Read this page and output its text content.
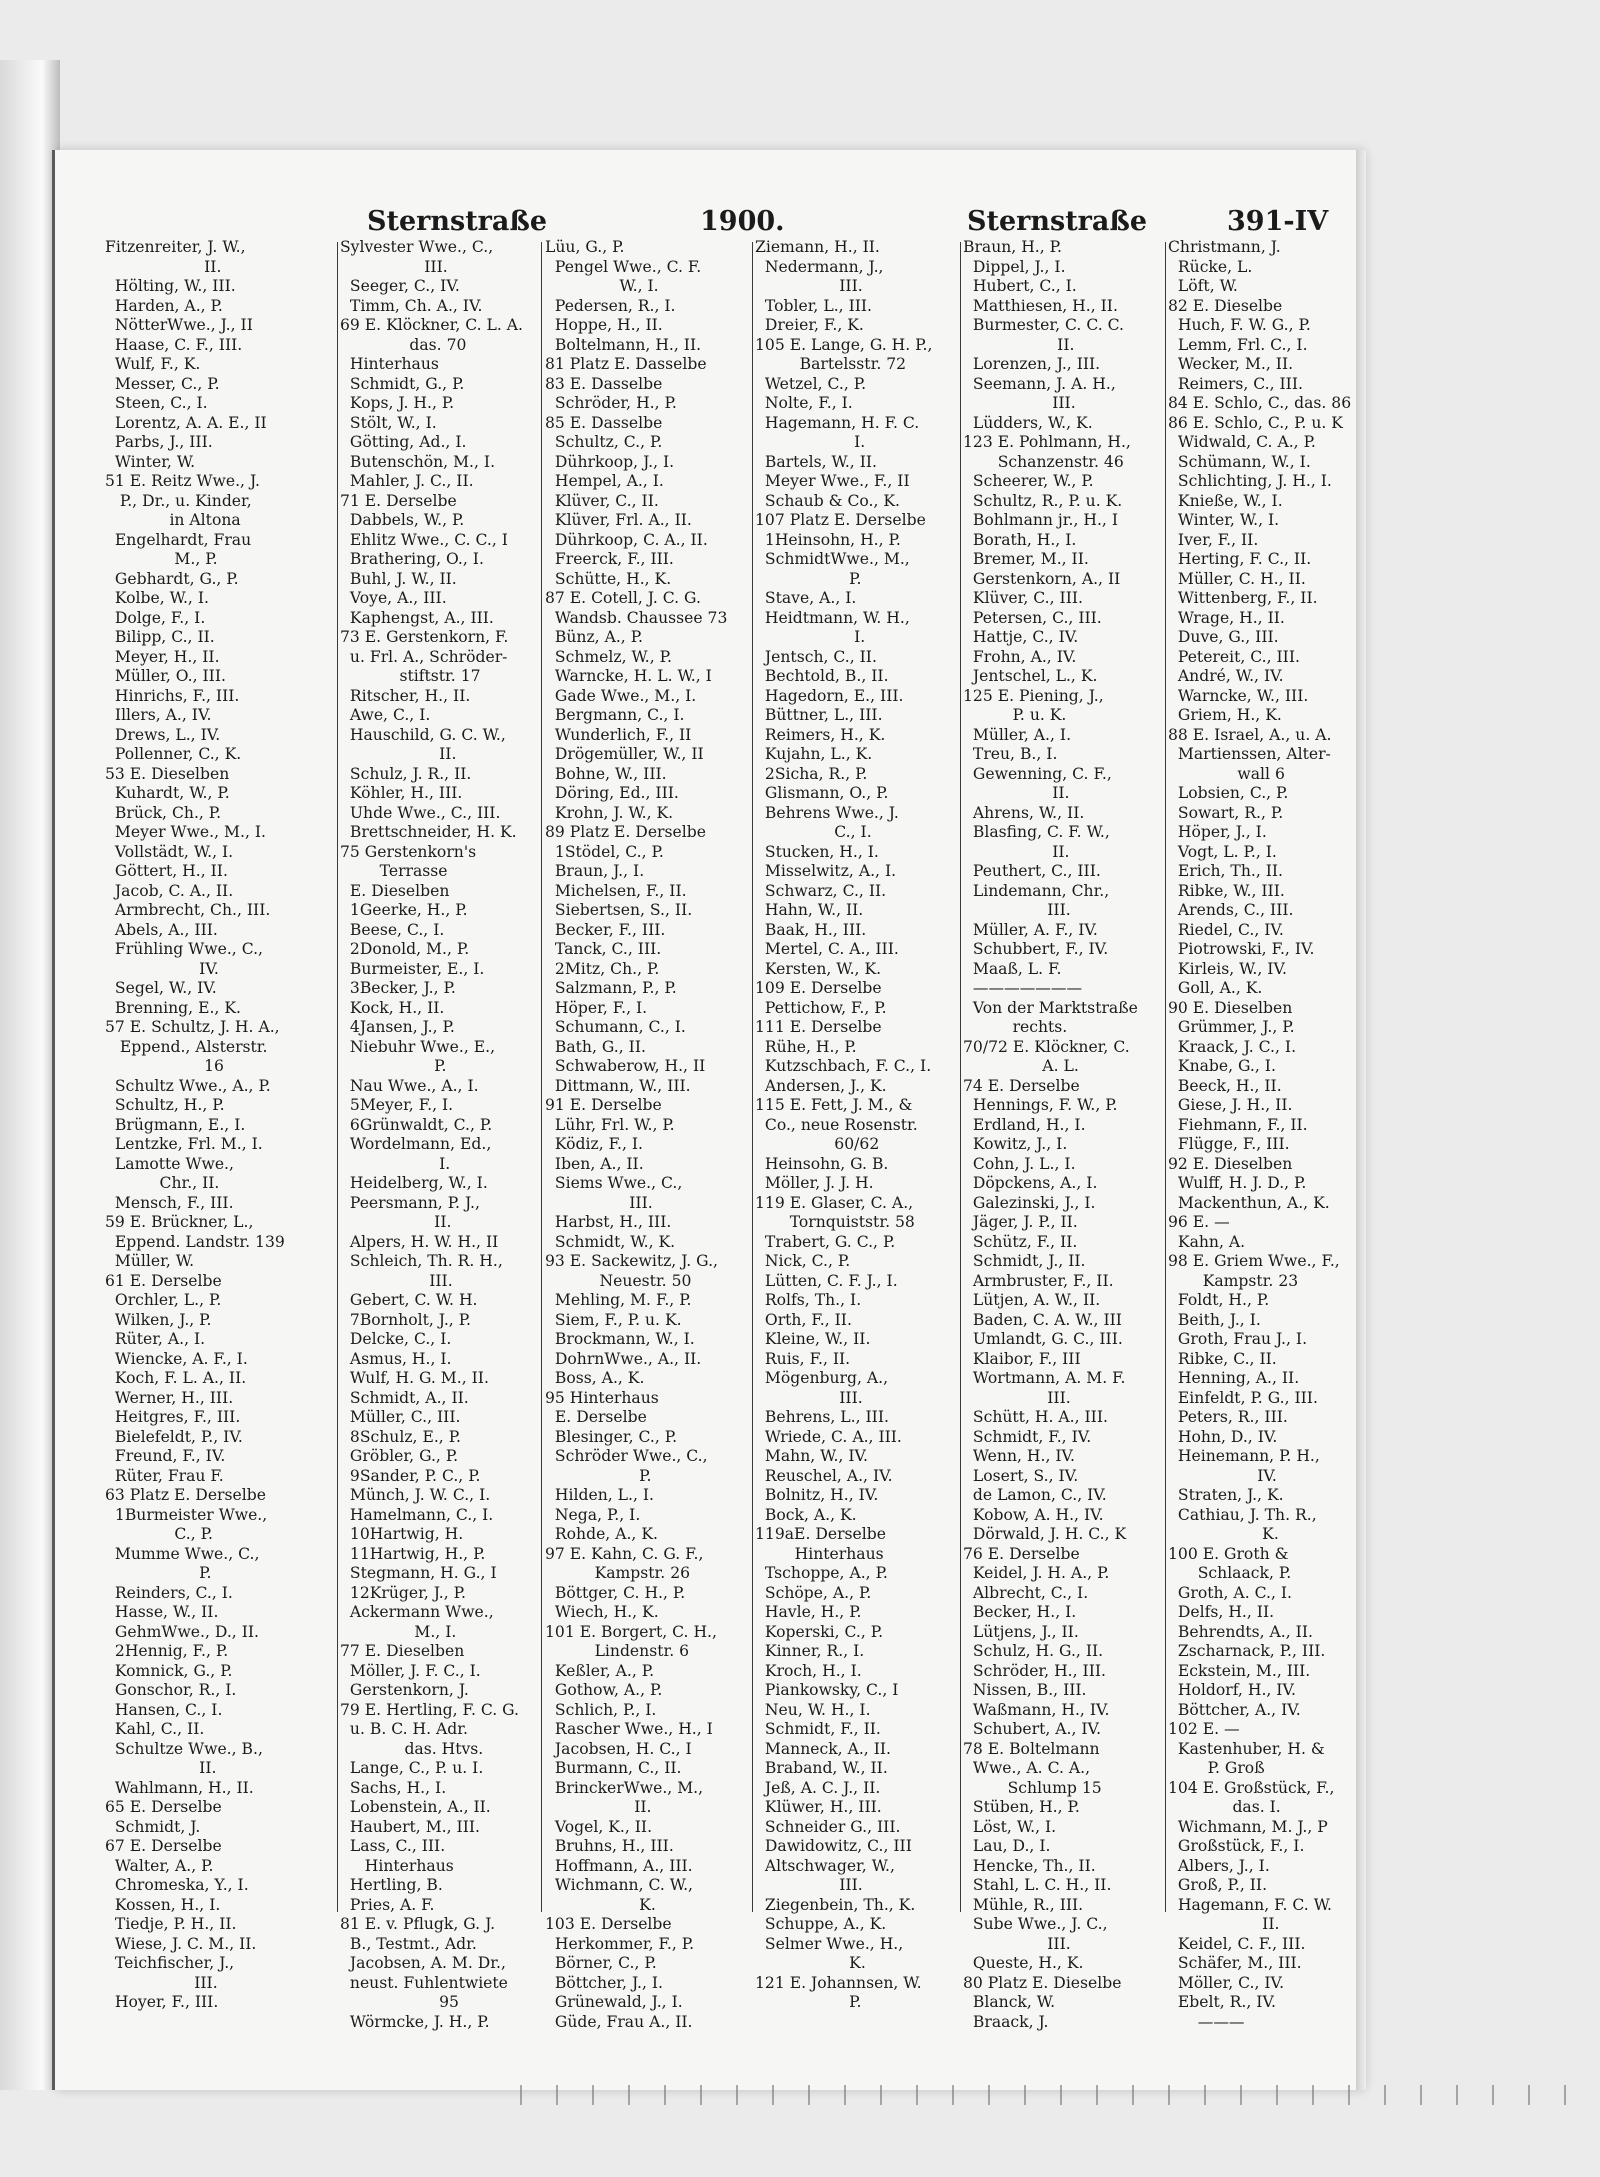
Sternstraße	1900.	Sternstraße	391-IV
Fitzenreiter, J. W.,
II.
Hölting, W., III.
Harden, A., P.
NötterWwe., J., II
Haase, C. F., III.
Wulf, F., K.
Messer, C., P.
Steen, C., I.
Lorentz, A. A. E., II
Parbs, J., III.
Winter, W.
51 E. Reitz Wwe., J.
P., Dr., u. Kinder,
in Altona
Engelhardt, Frau
M., P.
Gebhardt, G., P.
Kolbe, W., I.
Dolge, F., I.
Bilipp, C., II.
Meyer, H., II.
Müller, O., III.
Hinrichs, F., III.
Illers, A., IV.
Drews, L., IV.
Pollenner, C., K.
53 E. Dieselben
Kuhardt, W., P.
Brück, Ch., P.
Meyer Wwe., M., I.
Vollstädt, W., I.
Göttert, H., II.
Jacob, C. A., II.
Armbrecht, Ch., III.
Abels, A., III.
Frühling Wwe., C.,
IV.
Segel, W., IV.
Brenning, E., K.
57 E. Schultz, J. H. A.,
Eppend., Alsterstr.
16
Schultz Wwe., A., P.
Schultz, H., P.
Brügmann, E., I.
Lentzke, Frl. M., I.
Lamotte Wwe.,
Chr., II.
Mensch, F., III.
59 E. Brückner, L.,
Eppend. Landstr. 139
Müller, W.
61 E. Derselbe
Orchler, L., P.
Wilken, J., P.
Rüter, A., I.
Wiencke, A. F., I.
Koch, F. L. A., II.
Werner, H., III.
Heitgres, F., III.
Bielefeldt, P., IV.
Freund, F., IV.
Rüter, Frau F.
63 Platz E. Derselbe
1Burmeister Wwe.,
C., P.
Mumme Wwe., C.,
P.
Reinders, C., I.
Hasse, W., II.
GehmWwe., D., II.
2Hennig, F., P.
Komnick, G., P.
Gonschor, R., I.
Hansen, C., I.
Kahl, C., II.
Schultze Wwe., B.,
II.
Wahlmann, H., II.
65 E. Derselbe
Schmidt, J.
67 E. Derselbe
Walter, A., P.
Chromeska, Y., I.
Kossen, H., I.
Tiedje, P. H., II.
Wiese, J. C. M., II.
Teichfischer, J.,
III.
Hoyer, F., III.
Sylvester Wwe., C.,
III.
Seeger, C., IV.
Timm, Ch. A., IV.
69 E. Klöckner, C. L. A.
das. 70
Hinterhaus
Schmidt, G., P.
Kops, J. H., P.
Stölt, W., I.
Götting, Ad., I.
Butenschön, M., I.
Mahler, J. C., II.
71 E. Derselbe
Dabbels, W., P.
Ehlitz Wwe., C. C., I
Brathering, O., I.
Buhl, J. W., II.
Voye, A., III.
Kaphengst, A., III.
73 E. Gerstenkorn, F.
u. Frl. A., Schröder-
stiftstr. 17
Ritscher, H., II.
Awe, C., I.
Hauschild, G. C. W.,
II.
Schulz, J. R., II.
Köhler, H., III.
Uhde Wwe., C., III.
Brettschneider, H. K.
75 Gerstenkorn's
Terrasse
E. Dieselben
1Geerke, H., P.
Beese, C., I.
2Donold, M., P.
Burmeister, E., I.
3Becker, J., P.
Kock, H., II.
4Jansen, J., P.
Niebuhr Wwe., E.,
P.
Nau Wwe., A., I.
5Meyer, F., I.
6Grünwaldt, C., P.
Wordelmann, Ed.,
I.
Heidelberg, W., I.
Peersmann, P. J.,
II.
Alpers, H. W. H., II
Schleich, Th. R. H.,
III.
Gebert, C. W. H.
7Bornholt, J., P.
Delcke, C., I.
Asmus, H., I.
Wulf, H. G. M., II.
Schmidt, A., II.
Müller, C., III.
8Schulz, E., P.
Gröbler, G., P.
9Sander, P. C., P.
Münch, J. W. C., I.
Hamelmann, C., I.
10Hartwig, H.
11Hartwig, H., P.
Stegmann, H. G., I
12Krüger, J., P.
Ackermann Wwe.,
M., I.
77 E. Dieselben
Möller, J. F. C., I.
Gerstenkorn, J.
79 E. Hertling, F. C. G.
u. B. C. H. Adr.
das. Htvs.
Lange, C., P. u. I.
Sachs, H., I.
Lobenstein, A., II.
Haubert, M., III.
Lass, C., III.
Hinterhaus
Hertling, B.
Pries, A. F.
81 E. v. Pflugk, G. J.
B., Testmt., Adr.
Jacobsen, A. M. Dr.,
neust. Fuhlentwiete
95
Wörmcke, J. H., P.
Lüu, G., P.
Pengel Wwe., C. F.
W., I.
Pedersen, R., I.
Hoppe, H., II.
Boltelmann, H., II.
81 Platz E. Dasselbe
83 E. Dasselbe
Schröder, H., P.
85 E. Dasselbe
Schultz, C., P.
Dührkoop, J., I.
Hempel, A., I.
Klüver, C., II.
Klüver, Frl. A., II.
Dührkoop, C. A., II.
Freerck, F., III.
Schütte, H., K.
87 E. Cotell, J. C. G.
Wandsb. Chaussee 73
Bünz, A., P.
Schmelz, W., P.
Warncke, H. L. W., I
Gade Wwe., M., I.
Bergmann, C., I.
Wunderlich, F., II
Drögemüller, W., II
Bohne, W., III.
Döring, Ed., III.
Krohn, J. W., K.
89 Platz E. Derselbe
1Stödel, C., P.
Braun, J., I.
Michelsen, F., II.
Siebertsen, S., II.
Becker, F., III.
Tanck, C., III.
2Mitz, Ch., P.
Salzmann, P., P.
Höper, F., I.
Schumann, C., I.
Bath, G., II.
Schwaberow, H., II
Dittmann, W., III.
91 E. Derselbe
Lühr, Frl. W., P.
Ködiz, F., I.
Iben, A., II.
Siems Wwe., C.,
III.
Harbst, H., III.
Schmidt, W., K.
93 E. Sackewitz, J. G.,
Neuestr. 50
Mehling, M. F., P.
Siem, F., P. u. K.
Brockmann, W., I.
DohrnWwe., A., II.
Boss, A., K.
95 Hinterhaus
E. Derselbe
Blesinger, C., P.
Schröder Wwe., C.,
P.
Hilden, L., I.
Nega, P., I.
Rohde, A., K.
97 E. Kahn, C. G. F.,
Kampstr. 26
Böttger, C. H., P.
Wiech, H., K.
101 E. Borgert, C. H.,
Lindenstr. 6
Keßler, A., P.
Gothow, A., P.
Schlich, P., I.
Rascher Wwe., H., I
Jacobsen, H. C., I
Burmann, C., II.
BrinckerWwe., M.,
II.
Vogel, K., II.
Bruhns, H., III.
Hoffmann, A., III.
Wichmann, C. W.,
K.
103 E. Derselbe
Herkommer, F., P.
Börner, C., P.
Böttcher, J., I.
Grünewald, J., I.
Güde, Frau A., II.
Ziemann, H., II.
Nedermann, J.,
III.
Tobler, L., III.
Dreier, F., K.
105 E. Lange, G. H. P.,
Bartelsstr. 72
Wetzel, C., P.
Nolte, F., I.
Hagemann, H. F. C.
I.
Bartels, W., II.
Meyer Wwe., F., II
Schaub & Co., K.
107 Platz E. Derselbe
1Heinsohn, H., P.
SchmidtWwe., M.,
P.
Stave, A., I.
Heidtmann, W. H.,
I.
Jentsch, C., II.
Bechtold, B., II.
Hagedorn, E., III.
Büttner, L., III.
Reimers, H., K.
Kujahn, L., K.
2Sicha, R., P.
Glismann, O., P.
Behrens Wwe., J.
C., I.
Stucken, H., I.
Misselwitz, A., I.
Schwarz, C., II.
Hahn, W., II.
Baak, H., III.
Mertel, C. A., III.
Kersten, W., K.
109 E. Derselbe
Pettichow, F., P.
111 E. Derselbe
Rühe, H., P.
Kutzschbach, F. C., I.
Andersen, J., K.
115 E. Fett, J. M., &
Co., neue Rosenstr.
60/62
Heinsohn, G. B.
Möller, J. J. H.
119 E. Glaser, C. A.,
Tornquiststr. 58
Trabert, G. C., P.
Nick, C., P.
Lütten, C. F. J., I.
Rolfs, Th., I.
Orth, F., II.
Kleine, W., II.
Ruis, F., II.
Mögenburg, A.,
III.
Behrens, L., III.
Wriede, C. A., III.
Mahn, W., IV.
Reuschel, A., IV.
Bolnitz, H., IV.
Bock, A., K.
119aE. Derselbe
Hinterhaus
Tschoppe, A., P.
Schöpe, A., P.
Havle, H., P.
Koperski, C., P.
Kinner, R., I.
Kroch, H., I.
Piankowsky, C., I
Neu, W. H., I.
Schmidt, F., II.
Manneck, A., II.
Braband, W., II.
Jeß, A. C. J., II.
Klüwer, H., III.
Schneider G., III.
Dawidowitz, C., III
Altschwager, W.,
III.
Ziegenbein, Th., K.
Schuppe, A., K.
Selmer Wwe., H.,
K.
121 E. Johannsen, W.
P.
Braun, H., P.
Dippel, J., I.
Hubert, C., I.
Matthiesen, H., II.
Burmester, C. C. C.
II.
Lorenzen, J., III.
Seemann, J. A. H.,
III.
Lüdders, W., K.
123 E. Pohlmann, H.,
Schanzenstr. 46
Scheerer, W., P.
Schultz, R., P. u. K.
Bohlmann jr., H., I
Borath, H., I.
Bremer, M., II.
Gerstenkorn, A., II
Klüver, C., III.
Petersen, C., III.
Hattje, C., IV.
Frohn, A., IV.
Jentschel, L., K.
125 E. Piening, J.,
P. u. K.
Müller, A., I.
Treu, B., I.
Gewenning, C. F.,
II.
Ahrens, W., II.
Blasfing, C. F. W.,
II.
Peuthert, C., III.
Lindemann, Chr.,
III.
Müller, A. F., IV.
Schubbert, F., IV.
Maaß, L. F.
———————
Von der Marktstraße
rechts.
70/72 E. Klöckner, C.
A. L.
74 E. Derselbe
Hennings, F. W., P.
Erdland, H., I.
Kowitz, J., I.
Cohn, J. L., I.
Döpckens, A., I.
Galezinski, J., I.
Jäger, J. P., II.
Schütz, F., II.
Schmidt, J., II.
Armbruster, F., II.
Lütjen, A. W., II.
Baden, C. A. W., III
Umlandt, G. C., III.
Klaibor, F., III
Wortmann, A. M. F.
III.
Schütt, H. A., III.
Schmidt, F., IV.
Wenn, H., IV.
Losert, S., IV.
de Lamon, C., IV.
Kobow, A. H., IV.
Dörwald, J. H. C., K
76 E. Derselbe
Keidel, J. H. A., P.
Albrecht, C., I.
Becker, H., I.
Lütjens, J., II.
Schulz, H. G., II.
Schröder, H., III.
Nissen, B., III.
Waßmann, H., IV.
Schubert, A., IV.
78 E. Boltelmann
Wwe., A. C. A.,
Schlump 15
Stüben, H., P.
Löst, W., I.
Lau, D., I.
Hencke, Th., II.
Stahl, L. C. H., II.
Mühle, R., III.
Sube Wwe., J. C.,
III.
Queste, H., K.
80 Platz E. Dieselbe
Blanck, W.
Braack, J.
Christmann, J.
Rücke, L.
Löft, W.
82 E. Dieselbe
Huch, F. W. G., P.
Lemm, Frl. C., I.
Wecker, M., II.
Reimers, C., III.
84 E. Schlo, C., das. 86
86 E. Schlo, C., P. u. K
Widwald, C. A., P.
Schümann, W., I.
Schlichting, J. H., I.
Knieße, W., I.
Winter, W., I.
Iver, F., II.
Herting, F. C., II.
Müller, C. H., II.
Wittenberg, F., II.
Wrage, H., II.
Duve, G., III.
Petereit, C., III.
André, W., IV.
Warncke, W., III.
Griem, H., K.
88 E. Israel, A., u. A.
Martienssen, Alter-
wall 6
Lobsien, C., P.
Sowart, R., P.
Höper, J., I.
Vogt, L. P., I.
Erich, Th., II.
Ribke, W., III.
Arends, C., III.
Riedel, C., IV.
Piotrowski, F., IV.
Kirleis, W., IV.
Goll, A., K.
90 E. Dieselben
Grümmer, J., P.
Kraack, J. C., I.
Knabe, G., I.
Beeck, H., II.
Giese, J. H., II.
Fiehmann, F., II.
Flügge, F., III.
92 E. Dieselben
Wulff, H. J. D., P.
Mackenthun, A., K.
96 E. —
Kahn, A.
98 E. Griem Wwe., F.,
Kampstr. 23
Foldt, H., P.
Beith, J., I.
Groth, Frau J., I.
Ribke, C., II.
Henning, A., II.
Einfeldt, P. G., III.
Peters, R., III.
Hohn, D., IV.
Heinemann, P. H.,
IV.
Straten, J., K.
Cathiau, J. Th. R.,
K.
100 E. Groth &
Schlaack, P.
Groth, A. C., I.
Delfs, H., II.
Behrendts, A., II.
Zscharnack, P., III.
Eckstein, M., III.
Holdorf, H., IV.
Böttcher, A., IV.
102 E. —
Kastenhuber, H. &
P. Groß
104 E. Großstück, F.,
das. I.
Wichmann, M. J., P
Großstück, F., I.
Albers, J., I.
Groß, P., II.
Hagemann, F. C. W.
II.
Keidel, C. F., III.
Schäfer, M., III.
Möller, C., IV.
Ebelt, R., IV.
———
